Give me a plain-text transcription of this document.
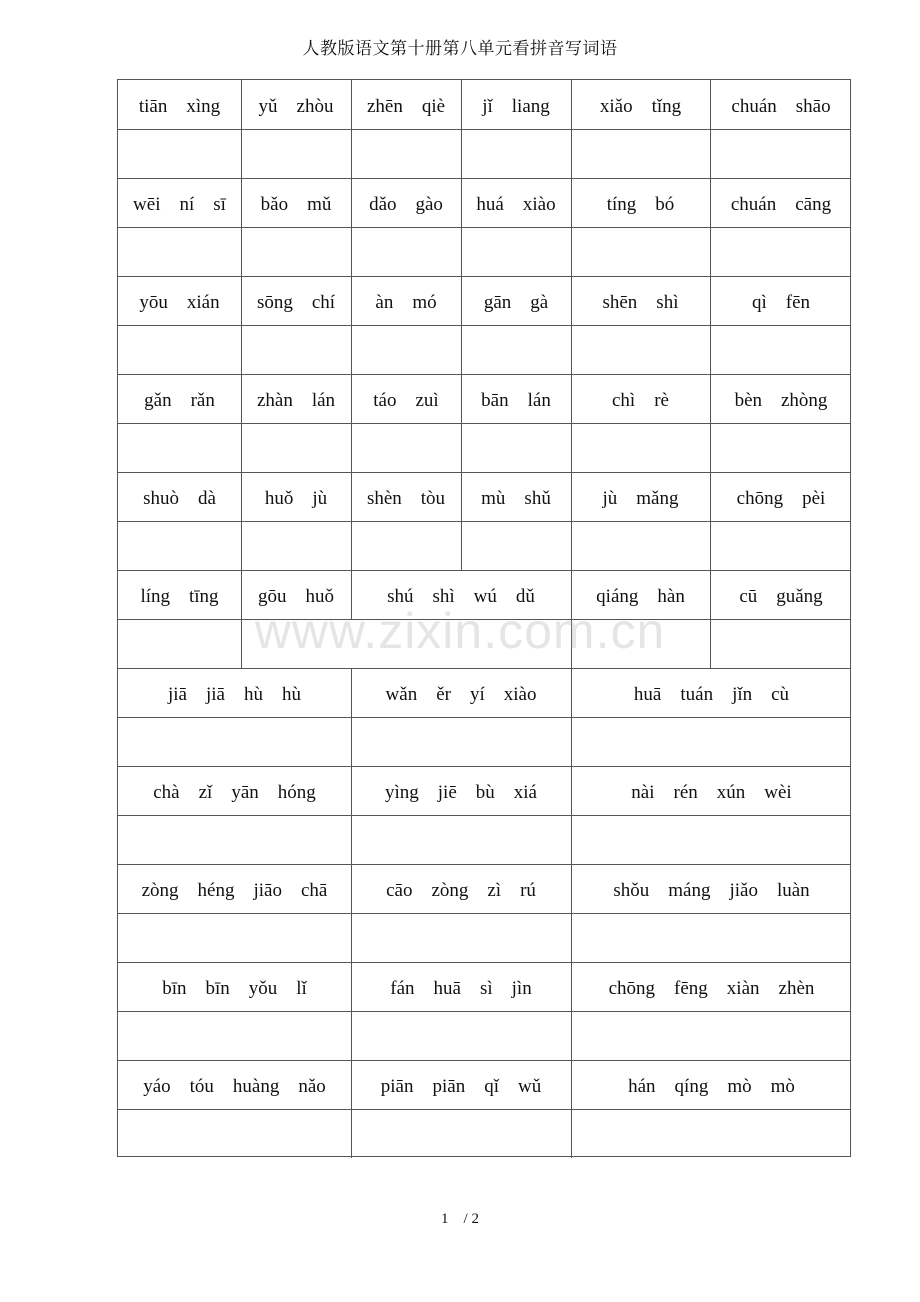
人教版语文第十册第八单元看拼音写词语
tiān　xìng	yǔ　zhòu	zhēn　qiè	jǐ　liang	xiǎo　tǐng	chuán　shāo
wēi　ní　sī	bǎo　mǔ	dǎo　gào	huá　xiào	tíng　bó	chuán　cāng
yōu　xián	sōng　chí	àn　mó	gān　gà	shēn　shì	qì　fēn
gǎn　rǎn	zhàn　lán	táo　zuì	bān　lán	chì　rè	bèn　zhòng
shuò　dà	huǒ　jù	shèn　tòu	mù　shǔ	jù　mǎng	chōng　pèi
líng　tīng	gōu　huǒ	shú　shì　wú　dǔ	qiáng　hàn	cū　guǎng
jiā　jiā　hù　hù	wǎn　ěr　yí　xiào	huā　tuán　jǐn　cù
chà　zǐ　yān　hóng	yìng　jiē　bù　xiá	nài　rén　xún　wèi
zòng　héng　jiāo　chā	cāo　zòng　zì　rú	shǒu　máng　jiǎo　luàn
bīn　bīn　yǒu　lǐ	fán　huā　sì　jìn	chōng　fēng　xiàn　zhèn
yáo　tóu　huàng　nǎo	piān　piān　qǐ　wǔ	hán　qíng　mò　mò
www.zixin.com.cn
1　/ 2
